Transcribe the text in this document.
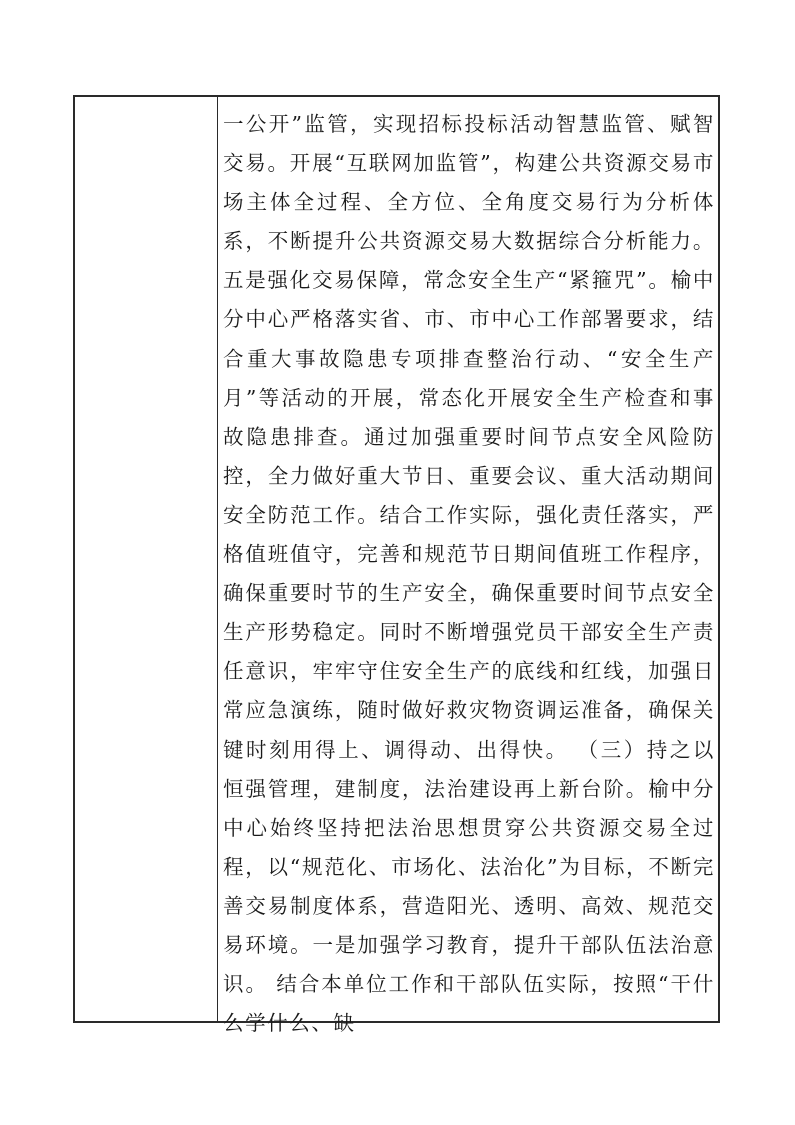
一公开”监管，实现招标投标活动智慧监管、赋智交易。开展“互联网加监管”，构建公共资源交易市场主体全过程、全方位、全角度交易行为分析体系，不断提升公共资源交易大数据综合分析能力。五是强化交易保障，常念安全生产“紧箍咒”。榆中分中心严格落实省、市、市中心工作部署要求，结合重大事故隐患专项排查整治行动、“安全生产月”等活动的开展，常态化开展安全生产检查和事故隐患排查。通过加强重要时间节点安全风险防控，全力做好重大节日、重要会议、重大活动期间安全防范工作。结合工作实际，强化责任落实，严格值班值守，完善和规范节日期间值班工作程序，确保重要时节的生产安全，确保重要时间节点安全生产形势稳定。同时不断增强党员干部安全生产责任意识，牢牢守住安全生产的底线和红线，加强日常应急演练，随时做好救灾物资调运准备，确保关键时刻用得上、调得动、出得快。 （三）持之以恒强管理，建制度，法治建设再上新台阶。榆中分中心始终坚持把法治思想贯穿公共资源交易全过程，以“规范化、市场化、法治化”为目标，不断完善交易制度体系，营造阳光、透明、高效、规范交易环境。一是加强学习教育，提升干部队伍法治意识。 结合本单位工作和干部队伍实际，按照“干什么学什么、缺
